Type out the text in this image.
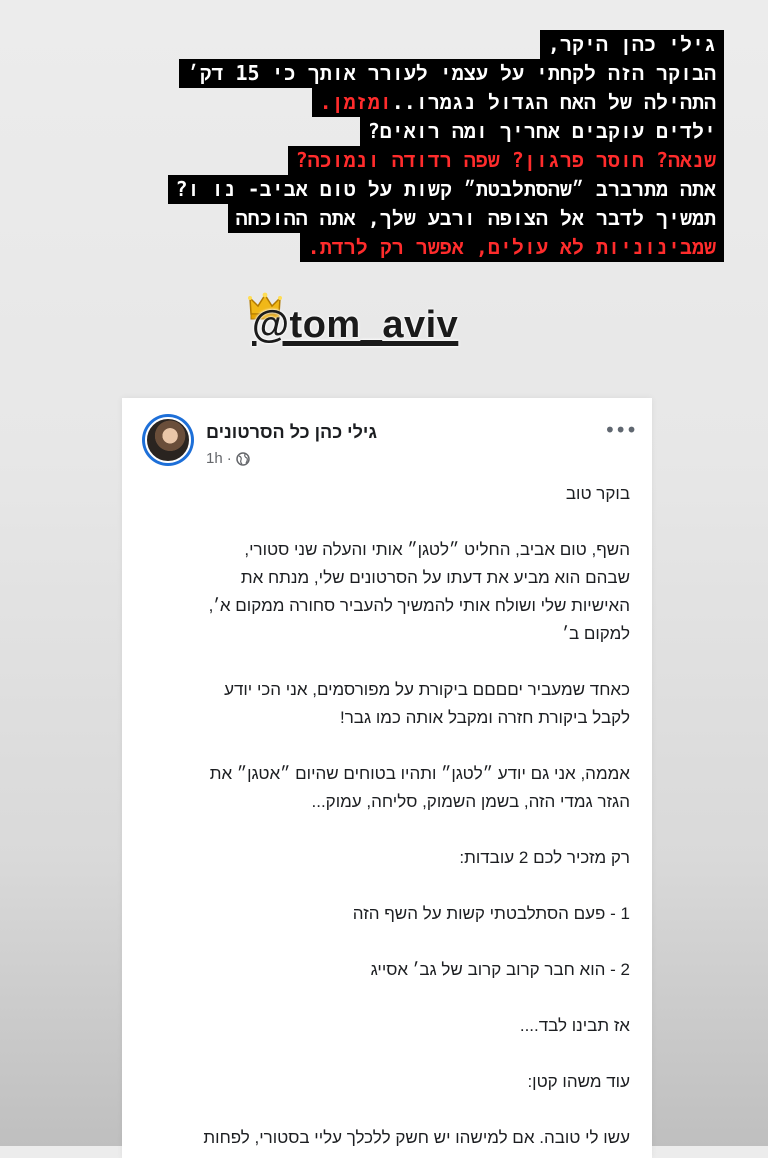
גילי כהן היקר,
הבוקר הזה לקחתי על עצמי לעורר אותך כי 15 דק׳
התהילה של האח הגדול נגמרו..ומזמן.
ילדים עוקבים אחריך ומה רואים?
שנאה? חוסר פרגון? שפה רדודה ונמוכה?
אתה מתרברב ״שהסתלבטת״ קשות על טום אביב- נו ו?
תמשיך לדבר אל הצופה ורבע שלך, אתה ההוכחה
שמבינוניות לא עולים, אפשר רק לרדת.
@tom_aviv
גילי כהן כל הסרטונים
1h ·
•••

בוקר טוב

השף, טום אביב, החליט ״לטגן״ אותי והעלה שני סטורי,

שבהם הוא מביע את דעתו על הסרטונים שלי, מנתח את

האישיות שלי ושולח אותי להמשיך להעביר סחורה ממקום א׳,

למקום ב׳

כאחד שמעביר יםםםם ביקורת על מפורסמים, אני הכי יודע

לקבל ביקורת חזרה ומקבל אותה כמו גבר!

אממה, אני גם יודע ״לטגן״ ותהיו בטוחים שהיום ״אטגן״ את

הגזר גמדי הזה, בשמן השמוק, סליחה, עמוק...

רק מזכיר לכם 2 עובדות:

1 - פעם הסתלבטתי קשות על השף הזה

2 - הוא חבר קרוב קרוב של גב׳ אסייג

אז תבינו לבד....

עוד משהו קטן:

עשו לי טובה. אם למישהו יש חשק ללכלך עליי בסטורי, לפחות
